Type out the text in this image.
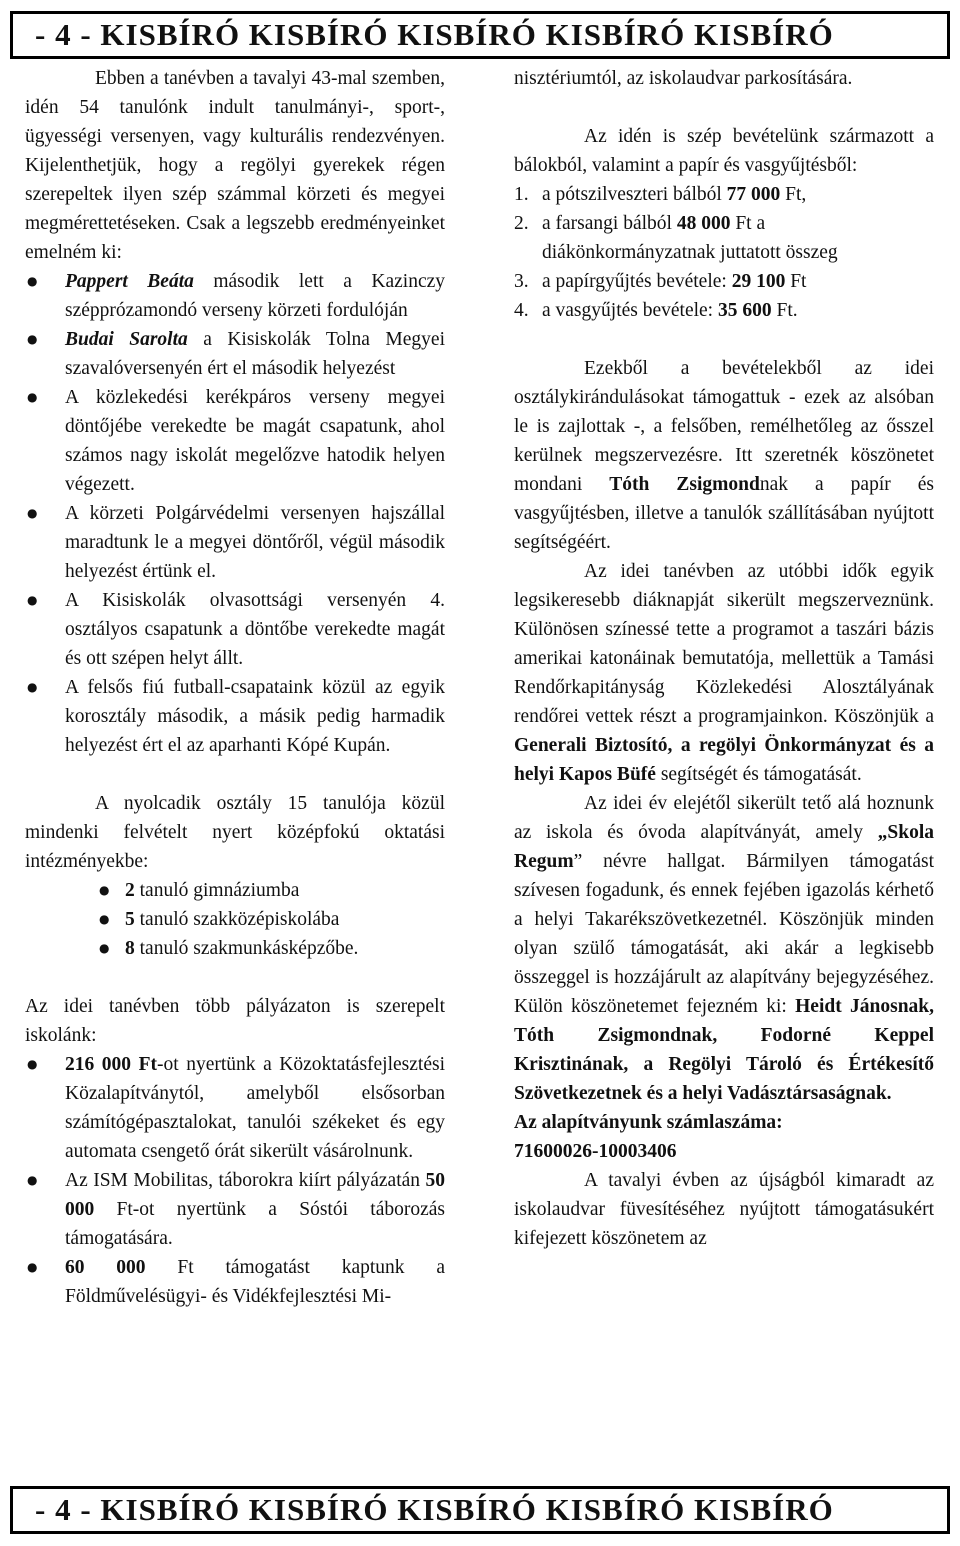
- 4 - KISBÍRÓ KISBÍRÓ KISBÍRÓ KISBÍRÓ KISBÍRÓ

Ebben a tanévben a tavalyi 43-mal szemben, idén 54 tanulónk indult tanulmányi-, sport-, ügyességi versenyen, vagy kulturális rendezvényen. Kijelenthetjük, hogy a regölyi gyerekek régen szerepeltek ilyen szép számmal körzeti és megyei megmérettetéseken. Csak a legszebb eredményeinket emelném ki:

● Pappert Beáta második lett a Kazinczy szépprózamondó verseny körzeti fordulóján
● Budai Sarolta a Kisiskolák Tolna Megyei szavalóversenyén ért el második helyezést
● A közlekedési kerékpáros verseny megyei döntőjébe verekedte be magát csapatunk, ahol számos nagy iskolát megelőzve hatodik helyen végezett.
● A körzeti Polgárvédelmi versenyen hajszállal maradtunk le a megyei döntőről, végül második helyezést értünk el.
● A Kisiskolák olvasottsági versenyén 4. osztályos csapatunk a döntőbe verekedte magát és ott szépen helyt állt.
● A felsős fiú futball-csapataink közül az egyik korosztály második, a másik pedig harmadik helyezést ért el az aparhanti Kópé Kupán.

A nyolcadik osztály 15 tanulója közül mindenki felvételt nyert középfokú oktatási intézményekbe:

● 2 tanuló gimnáziumba
● 5 tanuló szakközépiskolába
● 8 tanuló szakmunkásképzőbe.

Az idei tanévben több pályázaton is szerepelt iskolánk:

● 216 000 Ft-ot nyertünk a Közoktatásfejlesztési Közalapítványtól, amelyből elsősorban számítógépasztalokat, tanulói székeket és egy automata csengető órát sikerült vásárolnunk.
● Az ISM Mobilitas, táborokra kiírt pályázatán 50 000 Ft-ot nyertünk a Sóstói táborozás támogatására.
● 60 000 Ft támogatást kaptunk a Földművelésügyi- és Vidékfejlesztési Mi-

nisztériumtól, az iskolaudvar parkosítására.

Az idén is szép bevételünk származott a bálokból, valamint a papír és vasgyűjtésből:

1. a pótszilveszteri bálból 77 000 Ft,
2. a farsangi bálból 48 000 Ft a diákönkormányzatnak juttatott összeg
3. a papírgyűjtés bevétele: 29 100 Ft
4. a vasgyűjtés bevétele: 35 600 Ft.

Ezekből a bevételekből az idei osztálykirándulásokat támogattuk - ezek az alsóban le is zajlottak -, a felsőben, remélhetőleg az ősszel kerülnek megszervezésre. Itt szeretnék köszönetet mondani Tóth Zsigmondnak a papír és vasgyűjtésben, illetve a tanulók szállításában nyújtott segítségéért.

Az idei tanévben az utóbbi idők egyik legsikeresebb diáknapját sikerült megszerveznünk. Különösen színessé tette a programot a taszári bázis amerikai katonáinak bemutatója, mellettük a Tamási Rendőrkapitányság Közlekedési Alosztályának rendőrei vettek részt a programjainkon. Köszönjük a Generali Biztosító, a regölyi Önkormányzat és a helyi Kapos Büfé segítségét és támogatását.

Az idei év elejétől sikerült tető alá hoznunk az iskola és óvoda alapítványát, amely „Skola Regum” névre hallgat. Bármilyen támogatást szívesen fogadunk, és ennek fejében igazolás kérhető a helyi Takarékszövetkezetnél. Köszönjük minden olyan szülő támogatását, aki akár a legkisebb összeggel is hozzájárult az alapítvány bejegyzéséhez. Külön köszönetemet fejezném ki: Heidt Jánosnak, Tóth Zsigmondnak, Fodorné Keppel Krisztinának, a Regölyi Tároló és Értékesítő Szövetkezetnek és a helyi Vadásztársaságnak.

Az alapítványunk számlaszáma:

71600026-10003406

A tavalyi évben az újságból kimaradt az iskolaudvar füvesítéséhez nyújtott támogatásukért kifejezett köszönetem az

- 4 - KISBÍRÓ KISBÍRÓ KISBÍRÓ KISBÍRÓ KISBÍRÓ
